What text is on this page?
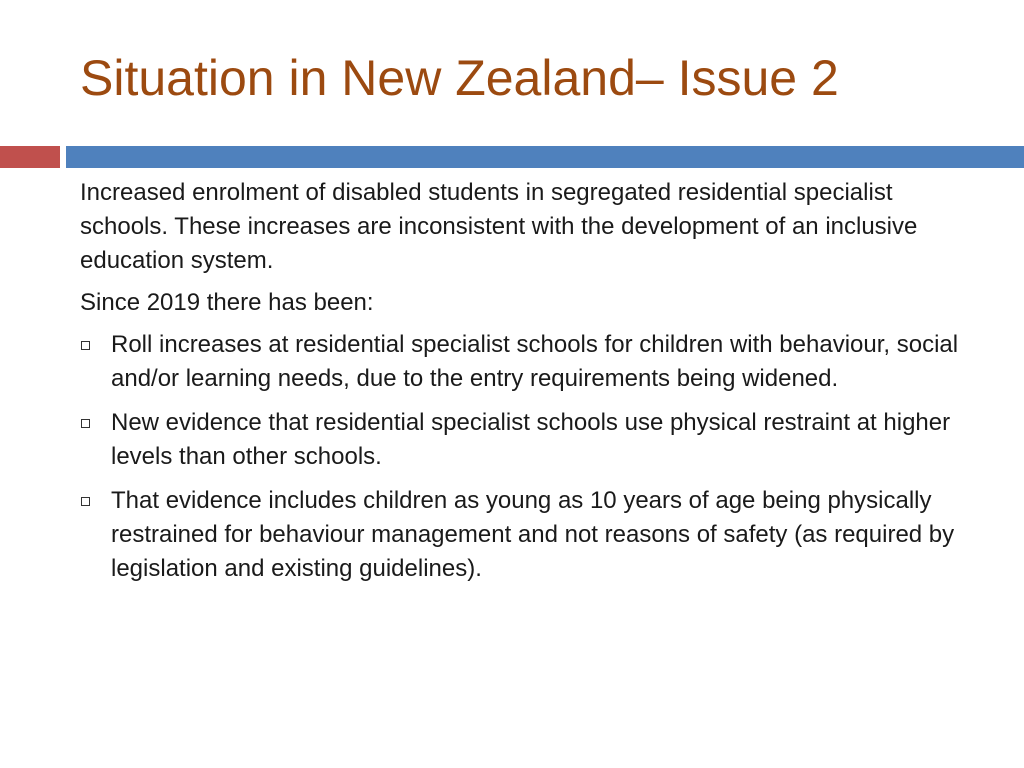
Situation in New Zealand– Issue 2

Increased enrolment of disabled students in segregated residential specialist schools. These increases are inconsistent with the development of an inclusive education system.

Since 2019 there has been:

Roll increases at residential specialist schools for children with behaviour, social and/or learning needs, due to the entry requirements being widened.
New evidence that residential specialist schools use physical restraint at higher levels than other schools.
That evidence includes children as young as 10 years of age being physically restrained for behaviour management and not reasons of safety (as required by legislation and existing guidelines).
